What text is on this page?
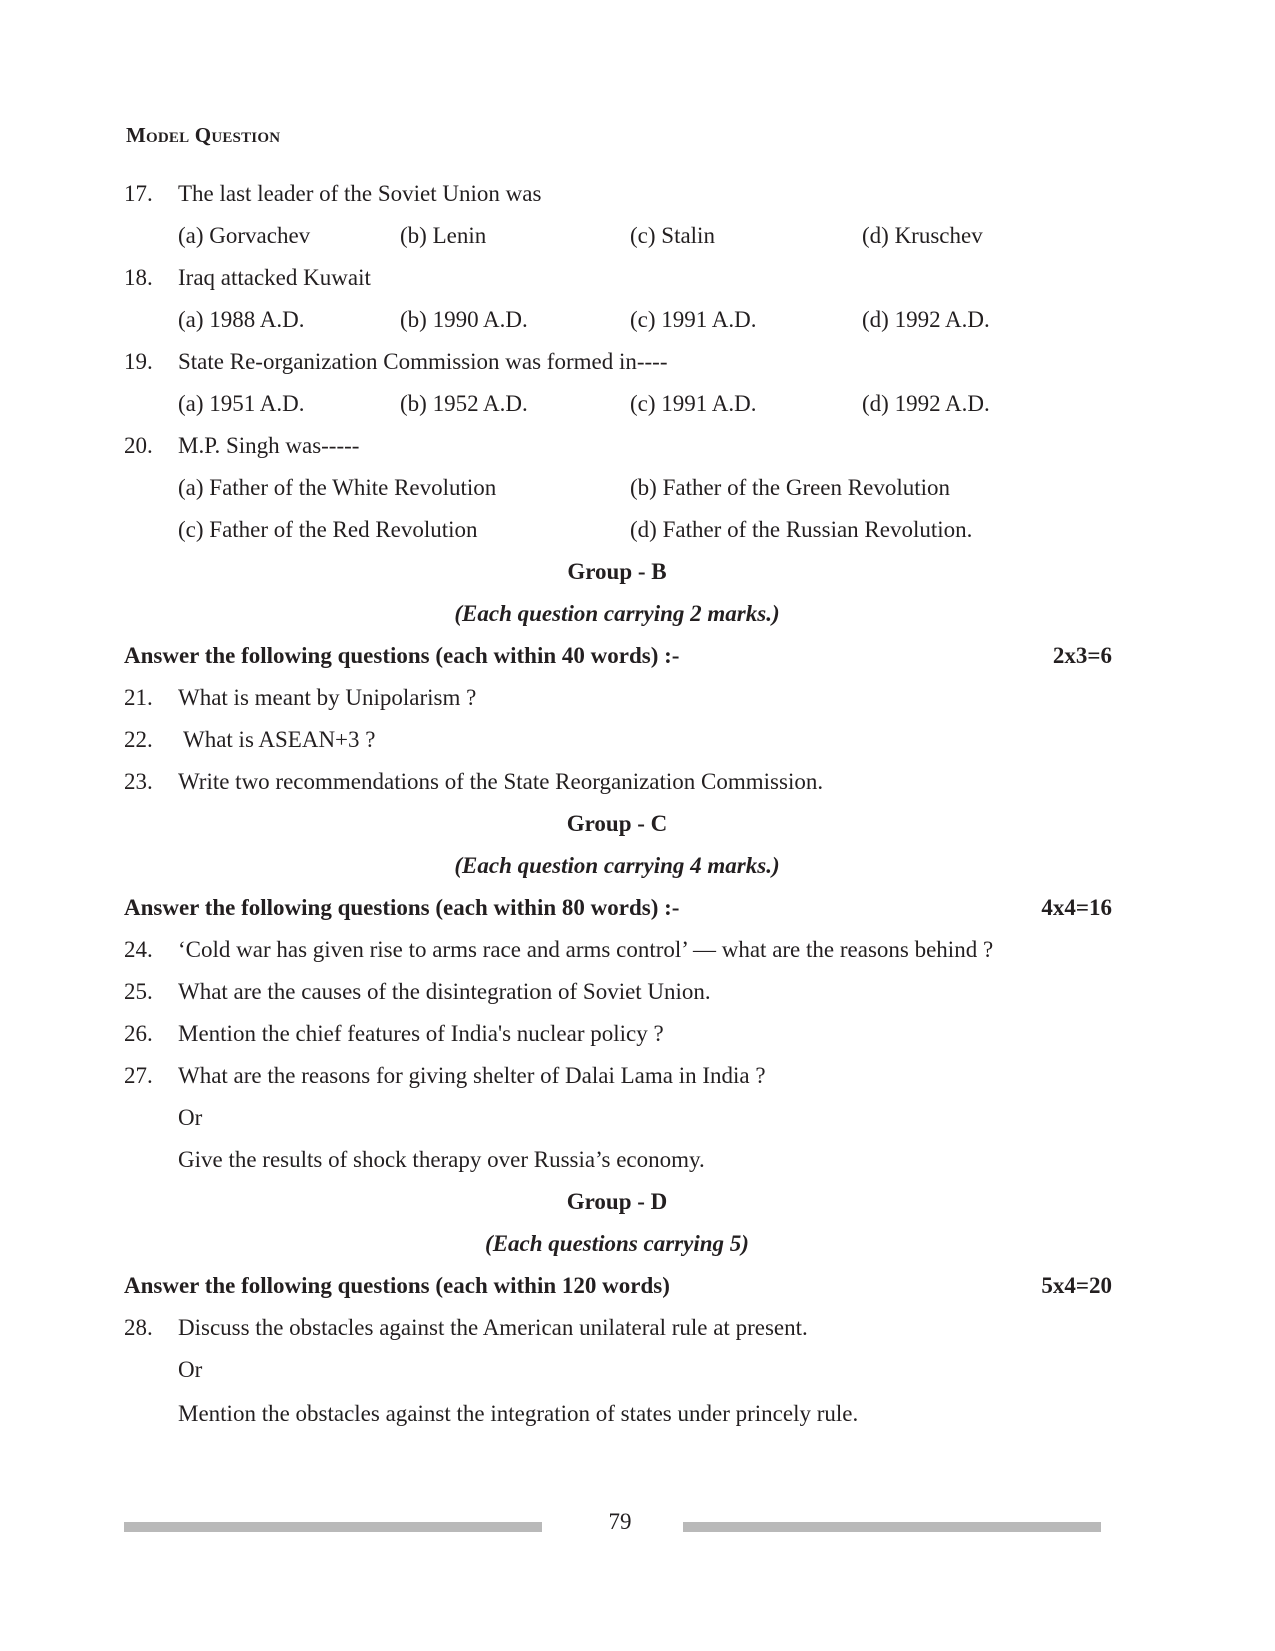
Model Question
17. The last leader of the Soviet Union was
(a) Gorvachev	(b) Lenin	(c) Stalin	(d) Kruschev
18. Iraq attacked Kuwait
(a) 1988 A.D.	(b) 1990 A.D.	(c) 1991 A.D.	(d) 1992 A.D.
19. State Re-organization Commission was formed in----
(a) 1951 A.D.	(b) 1952 A.D.	(c) 1991 A.D.	(d) 1992 A.D.
20. M.P. Singh was-----
(a) Father of the White Revolution	(b) Father of the Green Revolution
(c) Father of the Red Revolution	(d) Father of the Russian Revolution.
Group - B
(Each question carrying 2 marks.)
Answer the following questions (each within 40 words) :-	2x3=6
21. What is meant by Unipolarism ?
22. What is ASEAN+3 ?
23. Write two recommendations of the State Reorganization Commission.
Group - C
(Each question carrying 4 marks.)
Answer the following questions (each within 80 words) :-	4x4=16
24. ‘Cold war has given rise to arms race and arms control’ — what are the reasons behind ?
25. What are the causes of the disintegration of Soviet Union.
26. Mention the chief features of India's nuclear policy ?
27. What are the reasons for giving shelter of Dalai Lama in India ?
Or
Give the results of shock therapy over Russia’s economy.
Group - D
(Each questions carrying 5)
Answer the following questions (each within 120 words)	5x4=20
28. Discuss the obstacles against the American unilateral rule at present.
Or
Mention the obstacles against the integration of states under princely rule.
79
